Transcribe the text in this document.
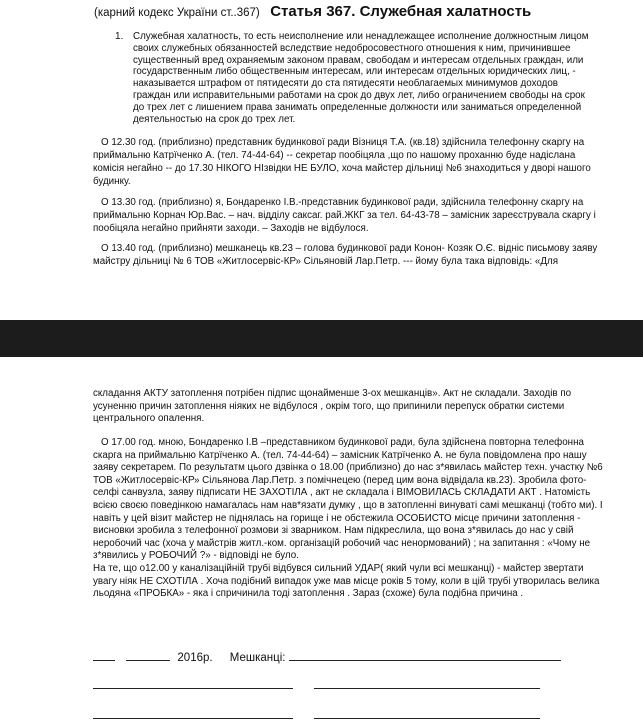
(карний кодекс України ст..367) Статья 367. Служебная халатность
1. Служебная халатность, то есть неисполнение или ненадлежащее исполнение должностным лицом своих служебных обязанностей вследствие недобросовестного отношения к ним, причинившее существенный вред охраняемым законом правам, свободам и интересам отдельных граждан, или государственным либо общественным интересам, или интересам отдельных юридических лиц, - наказывается штрафом от пятидесяти до ста пятидесяти необлагаемых минимумов доходов граждан или исправительными работами на срок до двух лет, либо ограничением свободы на срок до трех лет с лишением права занимать определенные должности или заниматься определенной деятельностью на срок до трех лет.

О 12.30 год. (приблизно) представник будинкової ради Візниця Т.А. (кв.18) здійснила телефонну скаргу на приймальню Катрїченко А. (тел. 74-44-64) -- секретар пообіцяла ,що по нашому проханню буде надісланa комісія негайно -- до 17.30 НІКОГО HIзвідки НЕ БУЛО, хоча майстер дільниці №6 знаходиться у дворі нашого будинку.

О 13.30 год. (приблизно) я, Бондаренко І.В.-представник будинкової ради, здійснила телефонну скаргу на приймальню Корнач Юр.Вас. – нач. відділу сaксаг. рай.ЖКГ за тел. 64-43-78 – замісник зареєструвала скаргу і пообіцяла негайно прийняти заходи. – Заходів не вiдбулося.

О 13.40 год. (приблизно) мешканець кв.23 – голова будинкової ради Конон- Козяк О.Є. віднiс письмову заяву майстру дільниці № 6 ТОВ «Житлосервіс-КР» Сільяновій Лар.Петр. --- йому була така відповідь: «Для

складання АКТУ затоплення потрібен підпис щонайменше 3-ох мешканців». Акт не складали. Заходів по усуненню причин затоплення ніяких не вiдбулося , окрім того, що припинили перепуск обратки системи центрального опалення.

О 17.00 год. мною, Бондаренко І.В –представником будинкової ради, була здійснена повторна телефонна скарга на приймальню Катрїченко А. (тел. 74-44-64) – замісник Катрїченко А. не була повідомлена про нашу заяву секретарем. По результатм цього дзвінка о 18.00 (приблизно) до нас з*явилась майстер техн. участку №6 ТОВ «Житлосервіс-КР» Сільянова Лар.Петр. з помічнецею (перед цим вона відвідала кв.23). Зробила фото-селфі санвузла, заяву підписати НЕ ЗАХОТІЛА , акт не складала і ВІМОВИЛАСЬ СКЛАДАТИ АКТ . Натомість всією своєю поведінкою намагалась нам нав*язати думку , що в затопленні винуваті самі мешканці (тобто ми). І навіть у цей візит майстер не піднялась на горище і не обстежила ОСОБИСТО місце причини затоплення - висновки зробила з телефонної розмови зі зварником. Нам підкреслила, що вона з*явилась до нас у свій неробочий час (хоча у майстрів житл.-ком. організацій робочий час ненормований) ; на запитання : «Чому не з*явились у РОБОЧИЙ ?» - відповіді не було.

На те, що о12.00 у каналізаційній трубі вiдбувся сильний УДАР( який чули всі мешканці) - майстер звертати увагу ніяк НЕ СХОТІЛА . Хоча подібний випадок уже мав місце років 5 тому, коли в цій трубі утворилась велика льодяна «ПРОБКА» - яка і спричинила тоді затоплення . Зараз (схоже) була подібна причина .

2016р. Мешканці:
